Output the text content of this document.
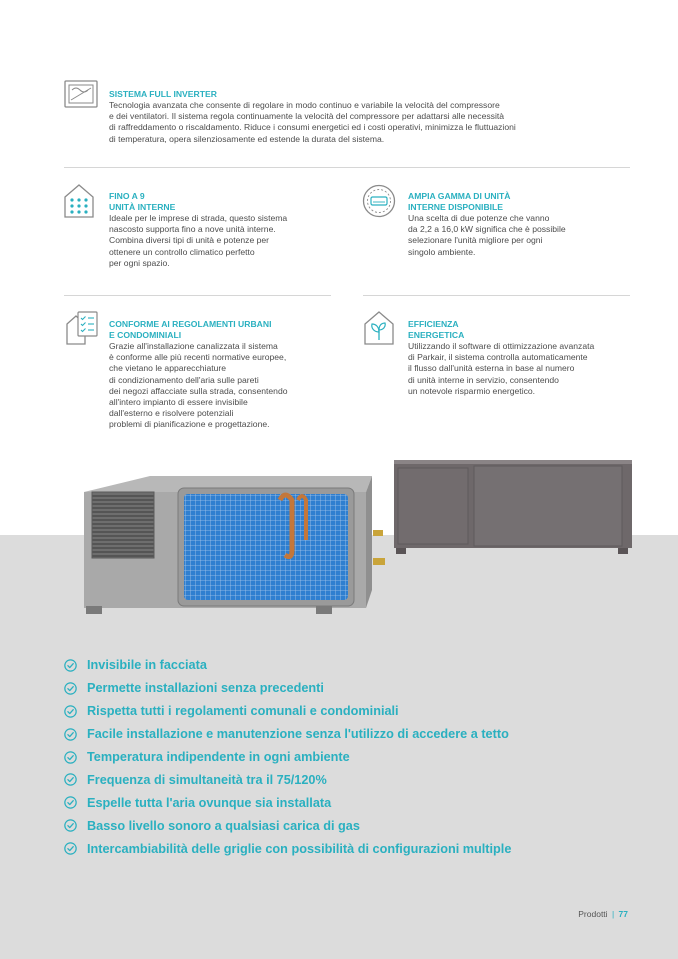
SISTEMA FULL INVERTER
Tecnologia avanzata che consente di regolare in modo continuo e variabile la velocità del compressore
e dei ventilatori. Il sistema regola continuamente la velocità del compressore per adattarsi alle necessità
di raffreddamento o riscaldamento. Riduce i consumi energetici ed i costi operativi, minimizza le fluttuazioni
di temperatura, opera silenziosamente ed estende la durata del sistema.
FINO A 9
UNITÀ INTERNE
Ideale per le imprese di strada, questo sistema
nascosto supporta fino a nove unità interne.
Combina diversi tipi di unità e potenze per
ottenere un controllo climatico perfetto
per ogni spazio.
AMPIA GAMMA DI UNITÀ
INTERNE DISPONIBILE
Una scelta di due potenze che vanno
da 2,2 a 16,0 kW significa che è possibile
selezionare l'unità migliore per ogni
singolo ambiente.
CONFORME AI REGOLAMENTI URBANI
E CONDOMINIALI
Grazie all'installazione canalizzata il sistema
è conforme alle più recenti normative europee,
che vietano le apparecchiature
di condizionamento dell'aria sulle pareti
dei negozi affacciate sulla strada, consentendo
all'intero impianto di essere invisibile
dall'esterno e risolvere potenziali
problemi di pianificazione e progettazione.
EFFICIENZA
ENERGETICA
Utilizzando il software di ottimizzazione avanzata
di Parkair, il sistema controlla automaticamente
il flusso dall'unità esterna in base al numero
di unità interne in servizio, consentendo
un notevole risparmio energetico.
Invisibile in facciata
Permette installazioni senza precedenti
Rispetta tutti i regolamenti comunali e condominiali
Facile installazione e manutenzione senza l'utilizzo di accedere a tetto
Temperatura indipendente in ogni ambiente
Frequenza di simultaneità tra il 75/120%
Espelle tutta l'aria ovunque sia installata
Basso livello sonoro a qualsiasi carica di gas
Intercambiabilità delle griglie con possibilità di configurazioni multiple
Prodotti | 77
